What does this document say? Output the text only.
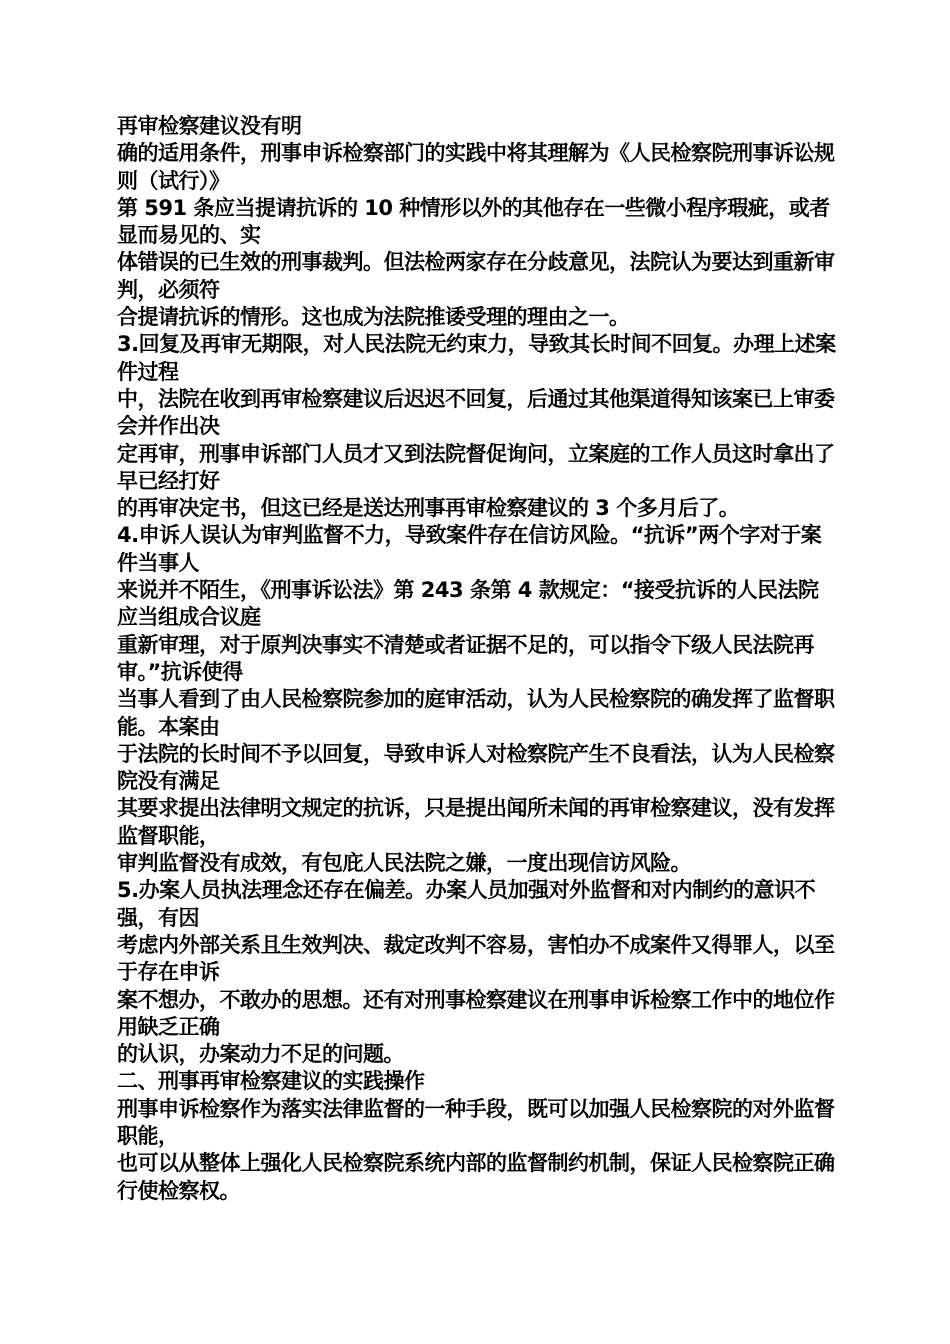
再审检察建议没有明

确的适用条件，刑事申诉检察部门的实践中将其理解为《人民检察院刑事诉讼规则（试行）》

第 591 条应当提请抗诉的 10 种情形以外的其他存在一些微小程序瑕疵，或者显而易见的、实

体错误的已生效的刑事裁判。但法检两家存在分歧意见，法院认为要达到重新审判，必须符

合提请抗诉的情形。这也成为法院推诿受理的理由之一。

3.回复及再审无期限，对人民法院无约束力，导致其长时间不回复。办理上述案件过程

中，法院在收到再审检察建议后迟迟不回复，后通过其他渠道得知该案已上审委会并作出决

定再审，刑事申诉部门人员才又到法院督促询问，立案庭的工作人员这时拿出了早已经打好

的再审决定书，但这已经是送达刑事再审检察建议的 3 个多月后了。

4.申诉人误认为审判监督不力，导致案件存在信访风险。“抗诉”两个字对于案件当事人

来说并不陌生，《刑事诉讼法》第 243 条第 4 款规定：“接受抗诉的人民法院应当组成合议庭

重新审理，对于原判决事实不清楚或者证据不足的，可以指令下级人民法院再审。”抗诉使得

当事人看到了由人民检察院参加的庭审活动，认为人民检察院的确发挥了监督职能。本案由

于法院的长时间不予以回复，导致申诉人对检察院产生不良看法，认为人民检察院没有满足

其要求提出法律明文规定的抗诉，只是提出闻所未闻的再审检察建议，没有发挥监督职能，

审判监督没有成效，有包庇人民法院之嫌，一度出现信访风险。

5.办案人员执法理念还存在偏差。办案人员加强对外监督和对内制约的意识不强，有因

考虑内外部关系且生效判决、裁定改判不容易，害怕办不成案件又得罪人，以至于存在申诉

案不想办，不敢办的思想。还有对刑事检察建议在刑事申诉检察工作中的地位作用缺乏正确

的认识，办案动力不足的问题。

二、刑事再审检察建议的实践操作

刑事申诉检察作为落实法律监督的一种手段，既可以加强人民检察院的对外监督职能，

也可以从整体上强化人民检察院系统内部的监督制约机制，保证人民检察院正确行使检察权。
